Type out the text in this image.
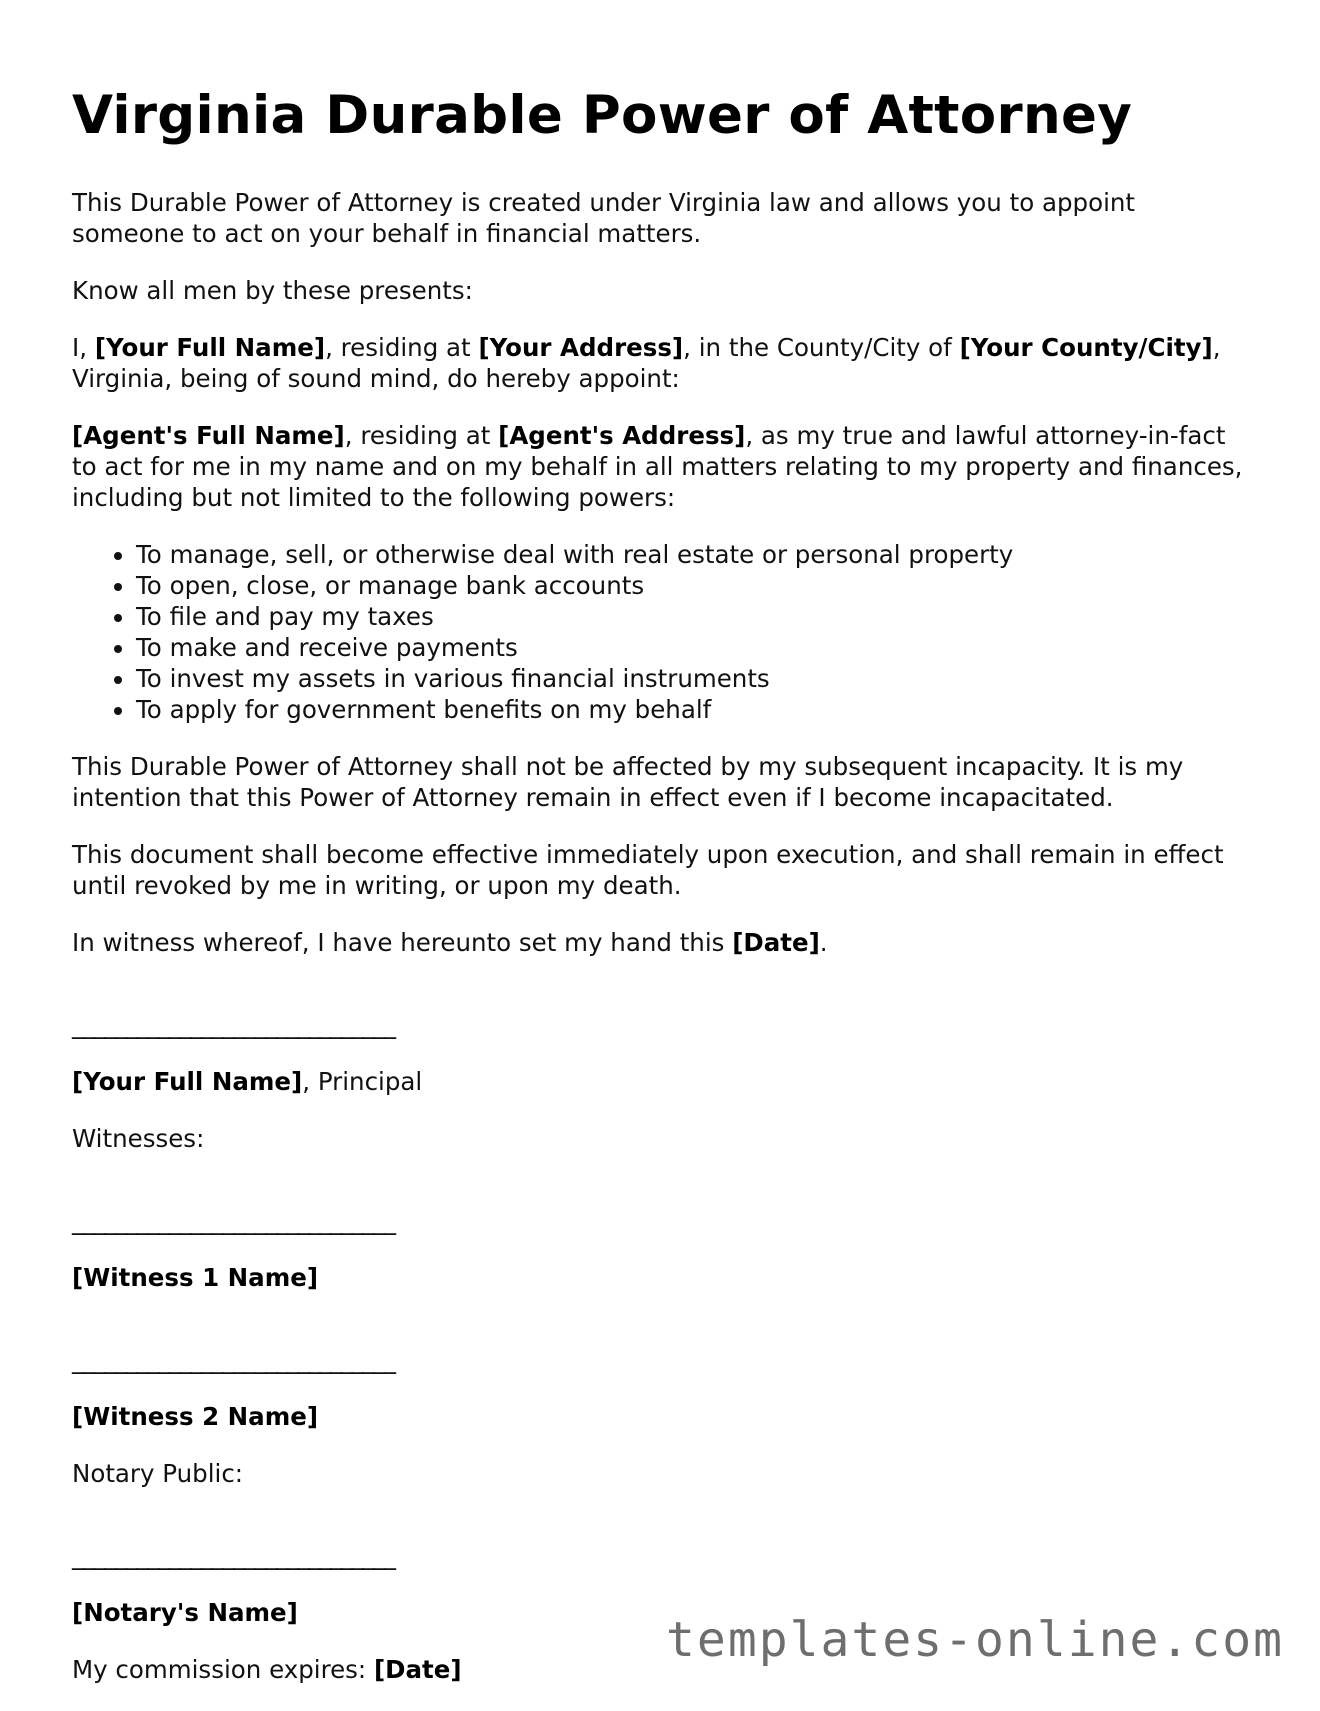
Virginia Durable Power of Attorney

This Durable Power of Attorney is created under Virginia law and allows you to appoint someone to act on your behalf in financial matters.

Know all men by these presents:

I, [Your Full Name], residing at [Your Address], in the County/City of [Your County/City], Virginia, being of sound mind, do hereby appoint:

[Agent's Full Name], residing at [Agent's Address], as my true and lawful attorney-in-fact to act for me in my name and on my behalf in all matters relating to my property and finances, including but not limited to the following powers:

• To manage, sell, or otherwise deal with real estate or personal property
• To open, close, or manage bank accounts
• To file and pay my taxes
• To make and receive payments
• To invest my assets in various financial instruments
• To apply for government benefits on my behalf

This Durable Power of Attorney shall not be affected by my subsequent incapacity. It is my intention that this Power of Attorney remain in effect even if I become incapacitated.

This document shall become effective immediately upon execution, and shall remain in effect until revoked by me in writing, or upon my death.

In witness whereof, I have hereunto set my hand this [Date].

______________________________

[Your Full Name], Principal

Witnesses:

______________________________

[Witness 1 Name]

______________________________

[Witness 2 Name]

Notary Public:

______________________________

[Notary's Name]

My commission expires: [Date]

templates-online.com
